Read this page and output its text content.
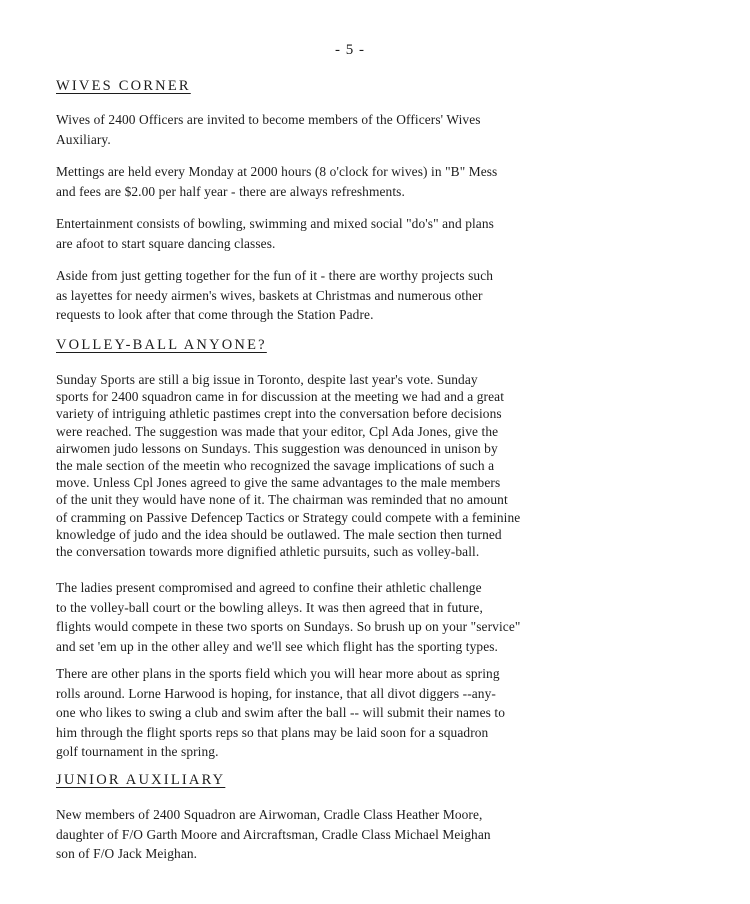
- 5 -
WIVES CORNER
Wives of 2400 Officers are invited to become members of the Officers' Wives
Auxiliary.
Mettings are held every Monday at 2000 hours (8 o'clock for wives) in "B" Mess
and fees are $2.00 per half year - there are always refreshments.
Entertainment consists of bowling, swimming and mixed social "do's" and plans
are afoot to start square dancing classes.
Aside from just getting together for the fun of it - there are worthy projects such
as layettes for needy airmen's wives, baskets at Christmas and numerous other
requests to look after that come through the Station Padre.
VOLLEY-BALL ANYONE?
Sunday Sports are still a big issue in Toronto, despite last year's vote. Sunday
sports for 2400 squadron came in for discussion at the meeting we had and a great
variety of intriguing athletic pastimes crept into the conversation before decisions
were reached. The suggestion was made that your editor, Cpl Ada Jones, give the
airwomen judo lessons on Sundays. This suggestion was denounced in unison by
the male section of the meetin who recognized the savage implications of such a
move. Unless Cpl Jones agreed to give the same advantages to the male members
of the unit they would have none of it. The chairman was reminded that no amount
of cramming on Passive Defencep Tactics or Strategy could compete with a feminine
knowledge of judo and the idea should be outlawed. The male section then turned
the conversation towards more dignified athletic pursuits, such as volley-ball.
The ladies present compromised and agreed to confine their athletic challenge
to the volley-ball court or the bowling alleys. It was then agreed that in future,
flights would compete in these two sports on Sundays. So brush up on your "service"
and set 'em up in the other alley and we'll see which flight has the sporting types.
There are other plans in the sports field which you will hear more about as spring
rolls around. Lorne Harwood is hoping, for instance, that all divot diggers --any-
one who likes to swing a club and swim after the ball -- will submit their names to
him through the flight sports reps so that plans may be laid soon for a squadron
golf tournament in the spring.
JUNIOR AUXILIARY
New members of 2400 Squadron are Airwoman, Cradle Class Heather Moore,
daughter of F/O Garth Moore and Aircraftsman, Cradle Class Michael Meighan
son of F/O Jack Meighan.
